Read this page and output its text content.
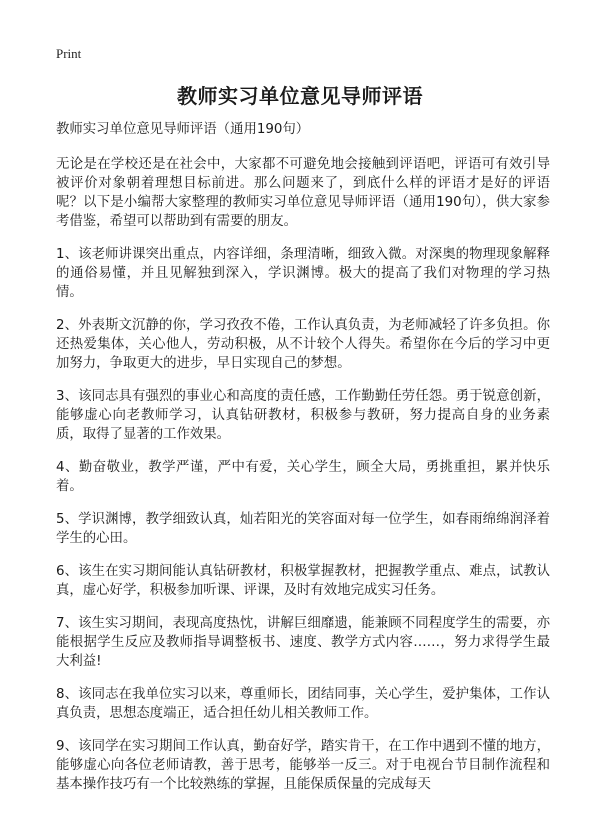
Print
教师实习单位意见导师评语

教师实习单位意见导师评语（通用190句）

无论是在学校还是在社会中，大家都不可避免地会接触到评语吧，评语可有效引导被评价对象朝着理想目标前进。那么问题来了，到底什么样的评语才是好的评语呢？以下是小编帮大家整理的教师实习单位意见导师评语（通用190句），供大家参考借鉴，希望可以帮助到有需要的朋友。

1、该老师讲课突出重点，内容详细，条理清晰，细致入微。对深奥的物理现象解释的通俗易懂，并且见解独到深入，学识渊博。极大的提高了我们对物理的学习热情。

2、外表斯文沉静的你，学习孜孜不倦，工作认真负责，为老师减轻了许多负担。你还热爱集体，关心他人，劳动积极，从不计较个人得失。希望你在今后的学习中更加努力，争取更大的进步，早日实现自己的梦想。

3、该同志具有强烈的事业心和高度的责任感，工作勤勤任劳任怨。勇于锐意创新，能够虚心向老教师学习，认真钻研教材，积极参与教研，努力提高自身的业务素质，取得了显著的工作效果。

4、勤奋敬业，教学严谨，严中有爱，关心学生，顾全大局，勇挑重担，累并快乐着。

5、学识渊博，教学细致认真，灿若阳光的笑容面对每一位学生，如春雨绵绵润泽着学生的心田。

6、该生在实习期间能认真钻研教材，积极掌握教材，把握教学重点、难点，试教认真，虚心好学，积极参加听课、评课，及时有效地完成实习任务。

7、该生实习期间，表现高度热忱，讲解巨细靡遗，能兼顾不同程度学生的需要，亦能根据学生反应及教师指导调整板书、速度、教学方式内容……，努力求得学生最大利益!

8、该同志在我单位实习以来，尊重师长，团结同事，关心学生，爱护集体，工作认真负责，思想态度端正，适合担任幼儿相关教师工作。

9、该同学在实习期间工作认真，勤奋好学，踏实肯干，在工作中遇到不懂的地方，能够虚心向各位老师请教，善于思考，能够举一反三。对于电视台节目制作流程和基本操作技巧有一个比较熟练的掌握，且能保质保量的完成每天
